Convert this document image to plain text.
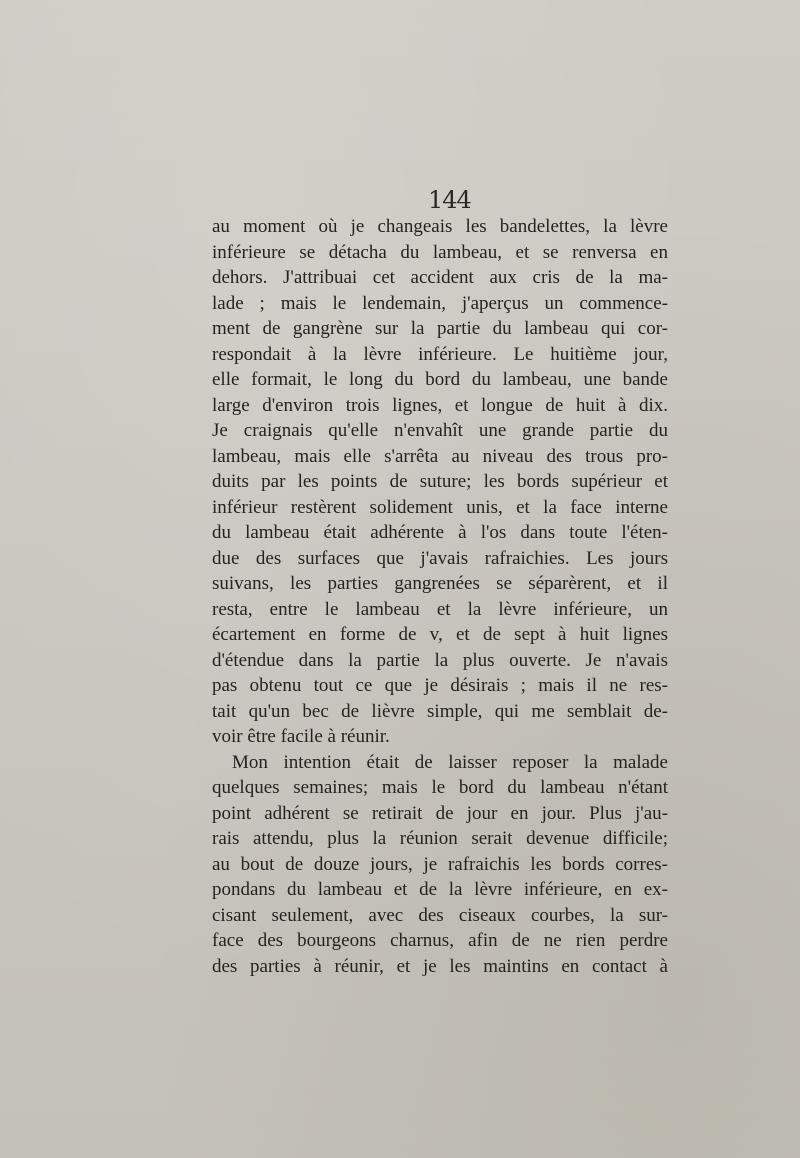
144
au moment où je changeais les bandelettes, la lèvre
inférieure se détacha du lambeau, et se renversa en
dehors. J'attribuai cet accident aux cris de la ma-
lade ; mais le lendemain, j'aperçus un commence-
ment de gangrène sur la partie du lambeau qui cor-
respondait à la lèvre inférieure. Le huitième jour,
elle formait, le long du bord du lambeau, une bande
large d'environ trois lignes, et longue de huit à dix.
Je craignais qu'elle n'envahît une grande partie du
lambeau, mais elle s'arrêta au niveau des trous pro-
duits par les points de suture; les bords supérieur et
inférieur restèrent solidement unis, et la face interne
du lambeau était adhérente à l'os dans toute l'éten-
due des surfaces que j'avais rafraichies. Les jours
suivans, les parties gangrenées se séparèrent, et il
resta, entre le lambeau et la lèvre inférieure, un
écartement en forme de v, et de sept à huit lignes
d'étendue dans la partie la plus ouverte. Je n'avais
pas obtenu tout ce que je désirais ; mais il ne res-
tait qu'un bec de lièvre simple, qui me semblait de-
voir être facile à réunir.
Mon intention était de laisser reposer la malade
quelques semaines; mais le bord du lambeau n'étant
point adhérent se retirait de jour en jour. Plus j'au-
rais attendu, plus la réunion serait devenue difficile;
au bout de douze jours, je rafraichis les bords corres-
pondans du lambeau et de la lèvre inférieure, en ex-
cisant seulement, avec des ciseaux courbes, la sur-
face des bourgeons charnus, afin de ne rien perdre
des parties à réunir, et je les maintins en contact à
